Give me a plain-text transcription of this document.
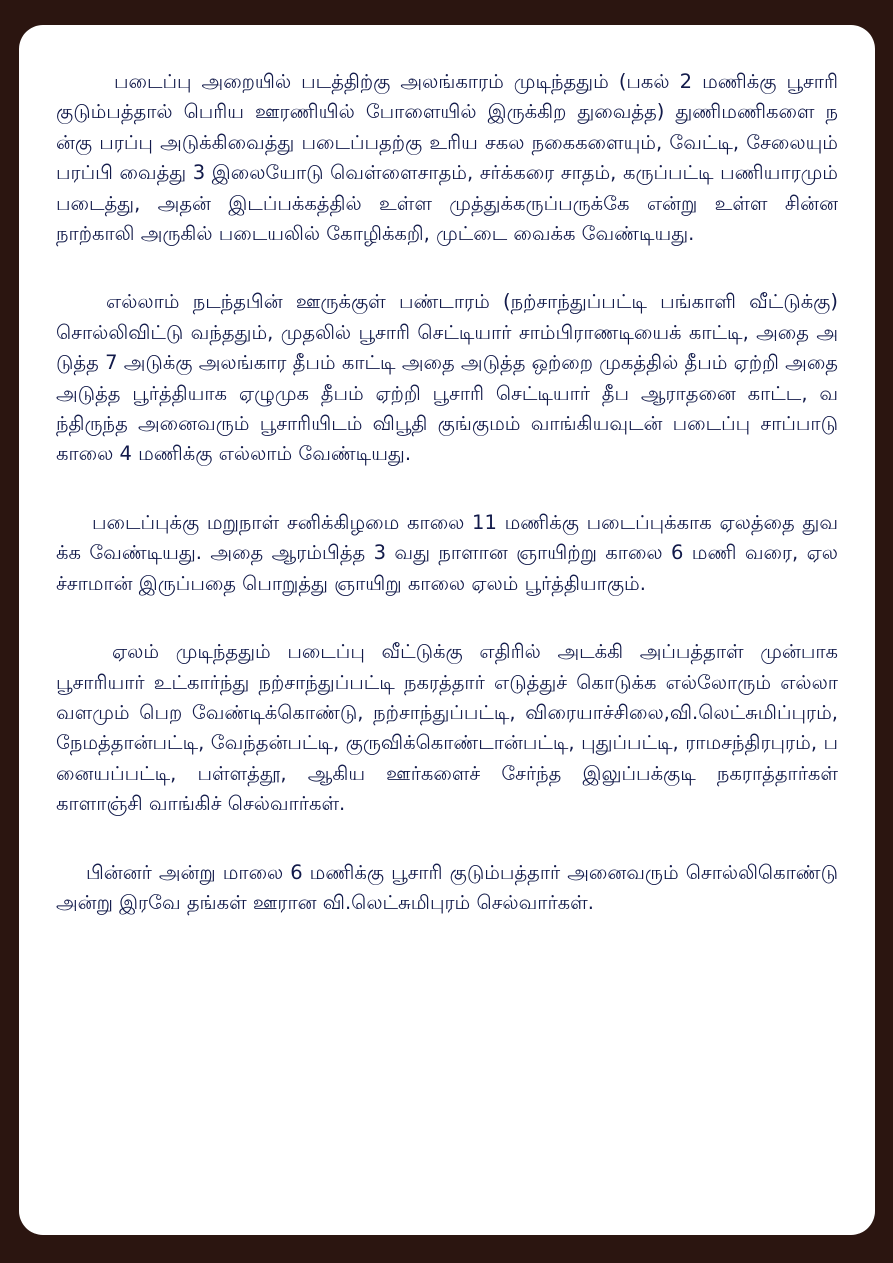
படைப்பு அறையில் படத்திற்கு அலங்காரம் முடிந்ததும் (பகல் 2 மணிக்கு பூசாரி குடும்பத்தால் பெரிய ஊரணியில் போளையில் இருக்கிற துவைத்த) துணிமணிகளை நன்கு பரப்பு அடுக்கிவைத்து படைப்பதற்கு உரிய சகல நகைகளையும், வேட்டி, சேலையும் பரப்பி வைத்து 3 இலையோடு வெள்ளைசாதம், சர்க்கரை சாதம், கருப்பட்டி பணியாரமும் படைத்து, அதன் இடப்பக்கத்தில் உள்ள முத்துக்கருப்பருக்கே என்று உள்ள சின்ன நாற்காலி அருகில் படையலில் கோழிக்கறி, முட்டை வைக்க வேண்டியது.

எல்லாம் நடந்தபின் ஊருக்குள் பண்டாரம் (நற்சாந்துப்பட்டி பங்காளி வீட்டுக்கு) சொல்லிவிட்டு வந்ததும், முதலில் பூசாரி செட்டியார் சாம்பிராணடியைக் காட்டி, அதை அடுத்த 7 அடுக்கு அலங்கார தீபம் காட்டி அதை அடுத்த ஒற்றை முகத்தில் தீபம் ஏற்றி அதை அடுத்த பூர்த்தியாக ஏழுமுக தீபம் ஏற்றி பூசாரி செட்டியார் தீப ஆராதனை காட்ட, வந்திருந்த அனைவரும் பூசாரியிடம் விபூதி குங்குமம் வாங்கியவுடன் படைப்பு சாப்பாடு காலை 4 மணிக்கு எல்லாம் வேண்டியது.

படைப்புக்கு மறுநாள் சனிக்கிழமை காலை 11 மணிக்கு படைப்புக்காக ஏலத்தை துவக்க வேண்டியது. அதை ஆரம்பித்த 3 வது நாளான ஞாயிற்று காலை 6 மணி வரை, ஏலச்சாமான் இருப்பதை பொறுத்து ஞாயிறு காலை ஏலம் பூர்த்தியாகும்.

ஏலம் முடிந்ததும் படைப்பு வீட்டுக்கு எதிரில் அடக்கி அப்பத்தாள் முன்பாக பூசாரியார் உட்கார்ந்து நற்சாந்துப்பட்டி நகரத்தார் எடுத்துச் கொடுக்க எல்லோரும் எல்லா வளமும் பெற வேண்டிக்கொண்டு, நற்சாந்துப்பட்டி, விரையாச்சிலை,வி.லெட்சுமிப்புரம், நேமத்தான்பட்டி, வேந்தன்பட்டி, குருவிக்கொண்டான்பட்டி, புதுப்பட்டி, ராமசந்திரபுரம், பனையப்பட்டி, பள்ளத்தூ, ஆகிய ஊர்களைச் சேர்ந்த இலுப்பக்குடி நகராத்தார்கள் காளாஞ்சி வாங்கிச் செல்வார்கள்.

பின்னர் அன்று மாலை 6 மணிக்கு பூசாரி குடும்பத்தார் அனைவரும் சொல்லிகொண்டு அன்று இரவே தங்கள் ஊரான வி.லெட்சுமிபுரம் செல்வார்கள்.
